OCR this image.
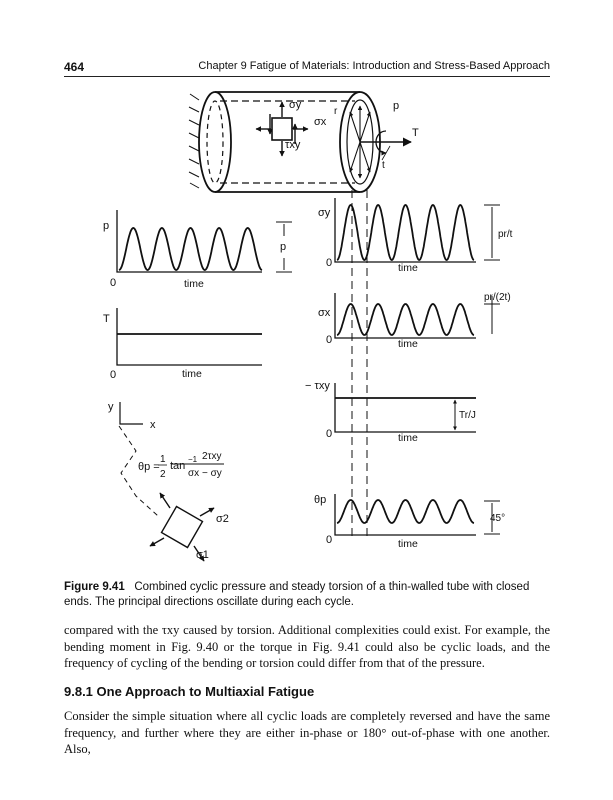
464	Chapter 9 Fatigue of Materials: Introduction and Stress-Based Approach
σy
σx
τxy
r	p
T
t
p
0	time
p
T
0	time
y
x
θp =
1
2
tan
−1 2τxy
σx − σy
σ2
σ1
σy
0	time
pr/t
σx
0	time
pr/(2t)
− τxy
0	time
Tr/J
θp
0	time
45°
Figure 9.41 Combined cyclic pressure and steady torsion of a thin-walled tube with closed ends. The principal directions oscillate during each cycle.
compared with the τxy caused by torsion. Additional complexities could exist. For example, the bending moment in Fig. 9.40 or the torque in Fig. 9.41 could also be cyclic loads, and the frequency of cycling of the bending or torsion could differ from that of the pressure.
9.8.1 One Approach to Multiaxial Fatigue
Consider the simple situation where all cyclic loads are completely reversed and have the same frequency, and further where they are either in-phase or 180° out-of-phase with one another. Also,
